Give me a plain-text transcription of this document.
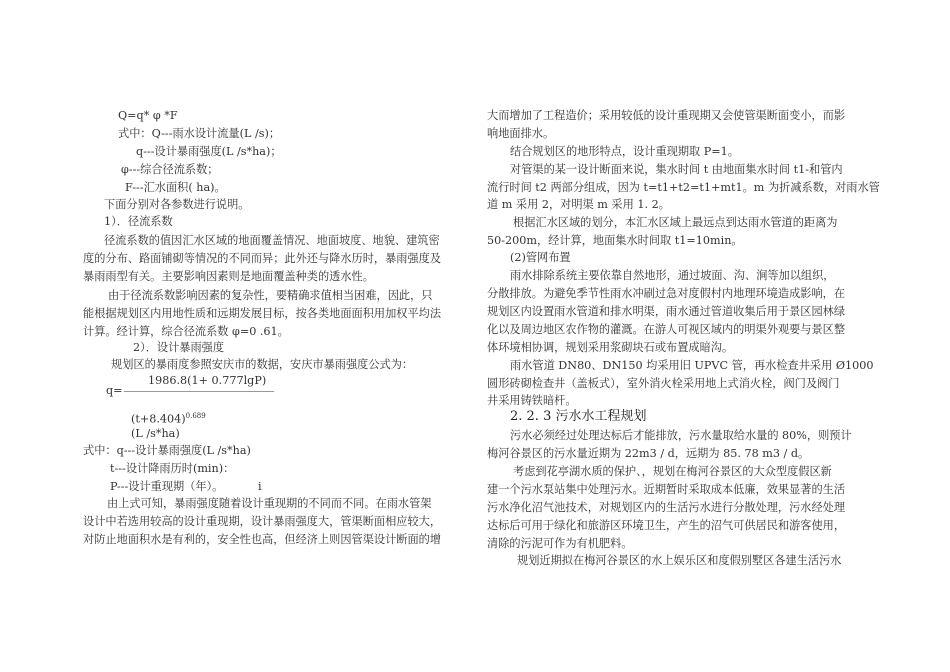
Q=q* φ *F
式中：Q---雨水设计流量(L /s)；
q---设计暴雨强度(L /s*ha)；
φ---综合径流系数；
F---汇水面积( ha)。
下面分别对各参数进行说明。
1）．径流系数
径流系数的值因汇水区域的地面覆盖情况、地面坡度、地貌、建筑密
度的分布、路面铺砌等情况的不同而异；此外还与降水历时，暴雨强度及
暴雨雨型有关。主要影响因素则是地面覆盖种类的透水性。
由于径流系数影响因素的复杂性，要精确求值相当困难，因此，只
能根据规划区内用地性质和远期发展目标，按各类地面面积用加权平均法
计算。经计算，综合径流系数 φ=0 .61。
2）．设计暴雨强度
规划区的暴雨度参照安庆市的数据，安庆市暴雨强度公式为：
1986.8(1+ 0.777lgP)
q=
$(t+8.404)^{0.689}$
(L /s*ha)
式中：q---设计暴雨强度(L /s*ha)
t---设计降雨历时(min)：
P---设计重现期（年）。	i
由上式可知，暴雨强度随着设计重现期的不同而不同。在雨水管架
设计中若选用较高的设计重现期，设计暴雨强度大，管渠断面相应较大，
对防止地面积水是有利的，安全性也高，但经济上则因管渠设计断面的增
大而增加了工程造价；采用较低的设计重现期又会使管渠断面变小，而影
响地面排水。
结合规划区的地形特点，设计重现期取 P=1。
对管渠的某一设计断面来说，集水时间 t 由地面集水时间 t1-和管内
流行时间 t2 两部分组成，因为 t=t1+t2=t1+mt1。m 为折减系数，对雨水管
道 m 采用 2，对明渠 m 采用 1. 2。
根据汇水区域的划分，本汇水区域上最远点到达雨水管道的距离为
50-200m，经计算，地面集水时间取 t1=10min。
(2)管网布置
雨水排除系统主要依靠自然地形，通过坡面、沟、涧等加以组织，
分散排放。为避免季节性雨水冲刷过急对度假村内地理环境造成影响，在
规划区内设置雨水管道和排水明渠，雨水通过管道收集后用于景区园林绿
化以及周边地区农作物的灌溉。在游人可视区域内的明渠外观要与景区整
体环境相协调，规划采用浆砌块石或布置成暗沟。
雨水管道 DN80、DN150 均采用旧 UPVC 管，再水检查井采用 Ø1000
圆形砖砌检查井（盖板式），室外消火栓采用地上式消火栓，阀门及阀门
井采用铸铁暗杆。
2. 2. 3 污水水工程规划
污水必须经过处理达标后才能排放，污水量取给水量的 80%，则预计
梅河谷景区的污水量近期为 22m3 / d，远期为 85. 78 m3 / d。
考虑到花亭湖水质的保护、，规划在梅河谷景区的大众型度假区新
建一个污水泵站集中处理污水。近期暂时采取成本低廉，效果显著的生活
污水净化沼气池技术，对规划区内的生活污水进行分散处理，污水经处理
达标后可用于绿化和旅游区环境卫生，产生的沼气可供居民和游客使用，
清除的污泥可作为有机肥料。
规划近期拟在梅河谷景区的水上娱乐区和度假别墅区各建生活污水
